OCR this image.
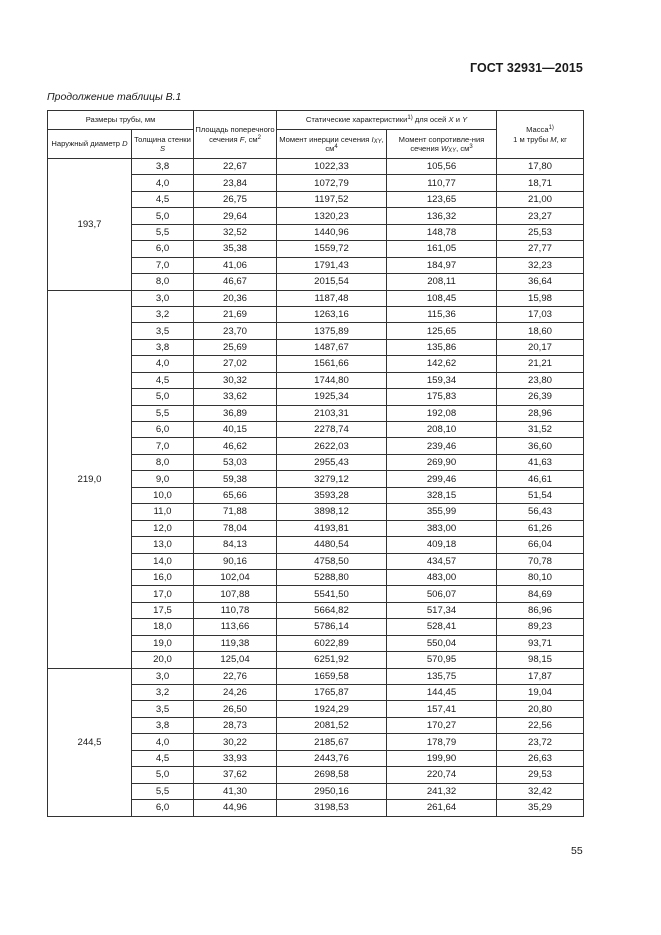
ГОСТ 32931—2015
Продолжение таблицы В.1
Размеры трубы, мм		Площадь поперечного сечения F, $см^2$	Статические характеристики$^{1)}$ для осей X и Y		Масса$^{1)}$
1 м трубы M, кг
Наружный диаметр D	Толщина стенки S		Момент инерции сечения $I_{XY}$, $см^4$	Момент сопротивле-ния сечения $W_{XY}$, $см^3$
193,7	3,8	22,67	1022,33	105,56	17,80
	4,0	23,84	1072,79	110,77	18,71
	4,5	26,75	1197,52	123,65	21,00
	5,0	29,64	1320,23	136,32	23,27
	5,5	32,52	1440,96	148,78	25,53
	6,0	35,38	1559,72	161,05	27,77
	7,0	41,06	1791,43	184,97	32,23
	8,0	46,67	2015,54	208,11	36,64
219,0	3,0	20,36	1187,48	108,45	15,98
	3,2	21,69	1263,16	115,36	17,03
	3,5	23,70	1375,89	125,65	18,60
	3,8	25,69	1487,67	135,86	20,17
	4,0	27,02	1561,66	142,62	21,21
	4,5	30,32	1744,80	159,34	23,80
	5,0	33,62	1925,34	175,83	26,39
	5,5	36,89	2103,31	192,08	28,96
	6,0	40,15	2278,74	208,10	31,52
	7,0	46,62	2622,03	239,46	36,60
	8,0	53,03	2955,43	269,90	41,63
	9,0	59,38	3279,12	299,46	46,61
	10,0	65,66	3593,28	328,15	51,54
	11,0	71,88	3898,12	355,99	56,43
	12,0	78,04	4193,81	383,00	61,26
	13,0	84,13	4480,54	409,18	66,04
	14,0	90,16	4758,50	434,57	70,78
	16,0	102,04	5288,80	483,00	80,10
	17,0	107,88	5541,50	506,07	84,69
	17,5	110,78	5664,82	517,34	86,96
	18,0	113,66	5786,14	528,41	89,23
	19,0	119,38	6022,89	550,04	93,71
	20,0	125,04	6251,92	570,95	98,15
244,5	3,0	22,76	1659,58	135,75	17,87
	3,2	24,26	1765,87	144,45	19,04
	3,5	26,50	1924,29	157,41	20,80
	3,8	28,73	2081,52	170,27	22,56
	4,0	30,22	2185,67	178,79	23,72
	4,5	33,93	2443,76	199,90	26,63
	5,0	37,62	2698,58	220,74	29,53
	5,5	41,30	2950,16	241,32	32,42
	6,0	44,96	3198,53	261,64	35,29
55
